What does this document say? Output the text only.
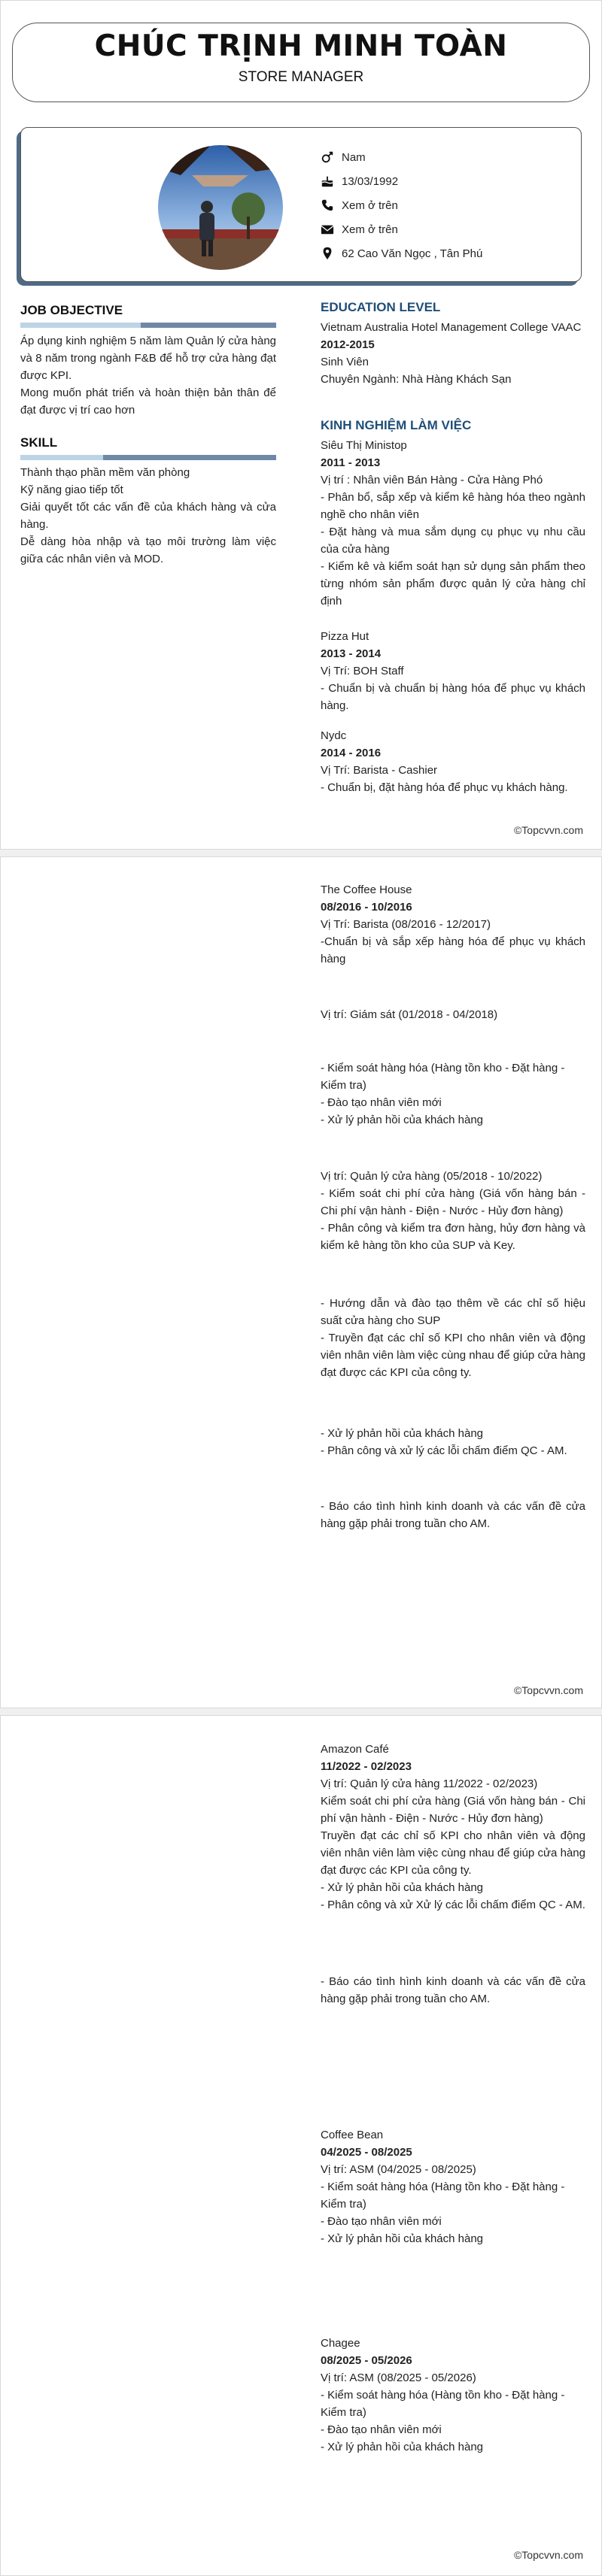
CHÚC TRỊNH MINH TOÀN
STORE MANAGER
Nam
13/03/1992
Xem ở trên
Xem ở trên
62 Cao Văn Ngọc , Tân Phú
JOB OBJECTIVE
Áp dụng kinh nghiệm 5 năm làm Quản lý cửa hàng và 8 năm trong ngành F&B để hỗ trợ cửa hàng đạt được KPI.
Mong muốn phát triển và hoàn thiện bản thân để đạt được vị trí cao hơn
SKILL
Thành thạo phần mềm văn phòng
Kỹ năng giao tiếp tốt
Giải quyết tốt các vấn đề của khách hàng và cửa hàng.
Dễ dàng hòa nhập và tạo môi trường làm việc giữa các nhân viên và MOD.
EDUCATION LEVEL
Vietnam Australia Hotel Management College VAAC
2012-2015
Sinh Viên
Chuyên Ngành: Nhà Hàng Khách Sạn
KINH NGHIỆM LÀM VIỆC
Siêu Thị Ministop
2011 - 2013
Vị trí : Nhân viên Bán Hàng - Cửa Hàng Phó
- Phân bổ, sắp xếp và kiểm kê hàng hóa theo ngành nghề cho nhân viên
- Đặt hàng và mua sắm dụng cụ phục vụ nhu cầu của cửa hàng
- Kiểm kê và kiểm soát hạn sử dụng sản phẩm theo từng nhóm sản phẩm được quản lý cửa hàng chỉ định
Pizza Hut
2013 - 2014
Vị Trí: BOH Staff
- Chuẩn bị và chuẩn bị hàng hóa để phục vụ khách hàng.
Nydc
2014 - 2016
Vị Trí: Barista - Cashier
- Chuẩn bị, đặt hàng hóa để phục vụ khách hàng.
©Topcvvn.com
The Coffee House
08/2016 - 10/2016
Vị Trí: Barista (08/2016 - 12/2017)
-Chuẩn bị và sắp xếp hàng hóa để phục vụ khách hàng
Vị trí: Giám sát (01/2018 - 04/2018)
- Kiểm soát hàng hóa (Hàng tồn kho - Đặt hàng - Kiểm tra)
- Đào tạo nhân viên mới
- Xử lý phản hồi của khách hàng
Vị trí: Quản lý cửa hàng (05/2018 - 10/2022)
- Kiểm soát chi phí cửa hàng (Giá vốn hàng bán - Chi phí vận hành - Điện - Nước - Hủy đơn hàng)
- Phân công và kiểm tra đơn hàng, hủy đơn hàng và kiểm kê hàng tồn kho của SUP và Key.
- Hướng dẫn và đào tạo thêm về các chỉ số hiệu suất cửa hàng cho SUP
- Truyền đạt các chỉ số KPI cho nhân viên và động viên nhân viên làm việc cùng nhau để giúp cửa hàng đạt được các KPI của công ty.
- Xử lý phản hồi của khách hàng
- Phân công và xử lý các lỗi chấm điểm QC - AM.
- Báo cáo tình hình kinh doanh và các vấn đề cửa hàng gặp phải trong tuần cho AM.
©Topcvvn.com
Amazon Café
11/2022 - 02/2023
Vị trí: Quản lý cửa hàng 11/2022 - 02/2023)
Kiểm soát chi phí cửa hàng (Giá vốn hàng bán - Chi phí vận hành - Điện - Nước - Hủy đơn hàng)
Truyền đạt các chỉ số KPI cho nhân viên và động viên nhân viên làm việc cùng nhau để giúp cửa hàng đạt được các KPI của công ty.
- Xử lý phản hồi của khách hàng
- Phân công và xử Xử lý các lỗi chấm điểm QC - AM.
- Báo cáo tình hình kinh doanh và các vấn đề cửa hàng gặp phải trong tuần cho AM.
Coffee Bean
04/2025 - 08/2025
Vị trí: ASM (04/2025 - 08/2025)
- Kiểm soát hàng hóa (Hàng tồn kho - Đặt hàng - Kiểm tra)
- Đào tạo nhân viên mới
- Xử lý phản hồi của khách hàng
Chagee
08/2025 - 05/2026
Vị trí: ASM (08/2025 - 05/2026)
- Kiểm soát hàng hóa (Hàng tồn kho - Đặt hàng - Kiểm tra)
- Đào tạo nhân viên mới
- Xử lý phản hồi của khách hàng
©Topcvvn.com
